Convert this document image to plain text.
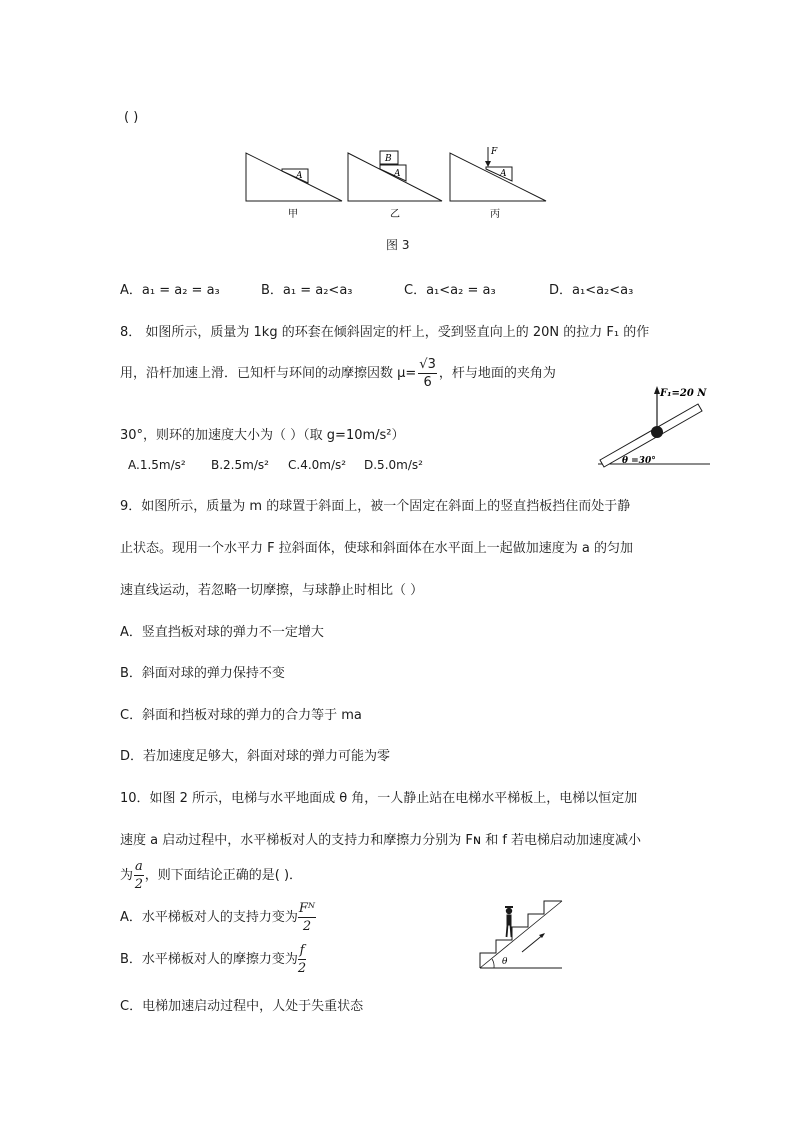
( )
A
B
A
F
A
甲	乙	丙
图 3
A．a₁ = a₂ = a₃	B．a₁ = a₂<a₃	C．a₁<a₂ = a₃	D．a₁<a₂<a₃
8． 如图所示，质量为 1kg 的环套在倾斜固定的杆上，受到竖直向上的 20N 的拉力 F₁ 的作
用，沿杆加速上滑．已知杆与环间的动摩擦因数 $\mu= \frac{√3}{6}$ ，杆与地面的夹角为
30°，则环的加速度大小为（ ）（取 g=10m/s²）
A.1.5m/s² B.2.5m/s² C.4.0m/s² D.5.0m/s²
F₁=20 N
θ =30°
9．如图所示，质量为 m 的球置于斜面上，被一个固定在斜面上的竖直挡板挡住而处于静
止状态。现用一个水平力 F 拉斜面体，使球和斜面体在水平面上一起做加速度为 a 的匀加
速直线运动，若忽略一切摩擦，与球静止时相比（ ）
A．竖直挡板对球的弹力不一定增大
B．斜面对球的弹力保持不变
C．斜面和挡板对球的弹力的合力等于 ma
D．若加速度足够大，斜面对球的弹力可能为零
10．如图 2 所示，电梯与水平地面成 θ 角，一人静止站在电梯水平梯板上，电梯以恒定加
速度 a 启动过程中，水平梯板对人的支持力和摩擦力分别为 Fɴ 和 f 若电梯启动加速度减小
为 $\frac{a}{2}$ ，则下面结论正确的是( )．
A．水平梯板对人的支持力变为 $\frac{\text{Fᴺ}}{2}$
B．水平梯板对人的摩擦力变为 $\frac{f}{2}$
C．电梯加速启动过程中，人处于失重状态
θ
